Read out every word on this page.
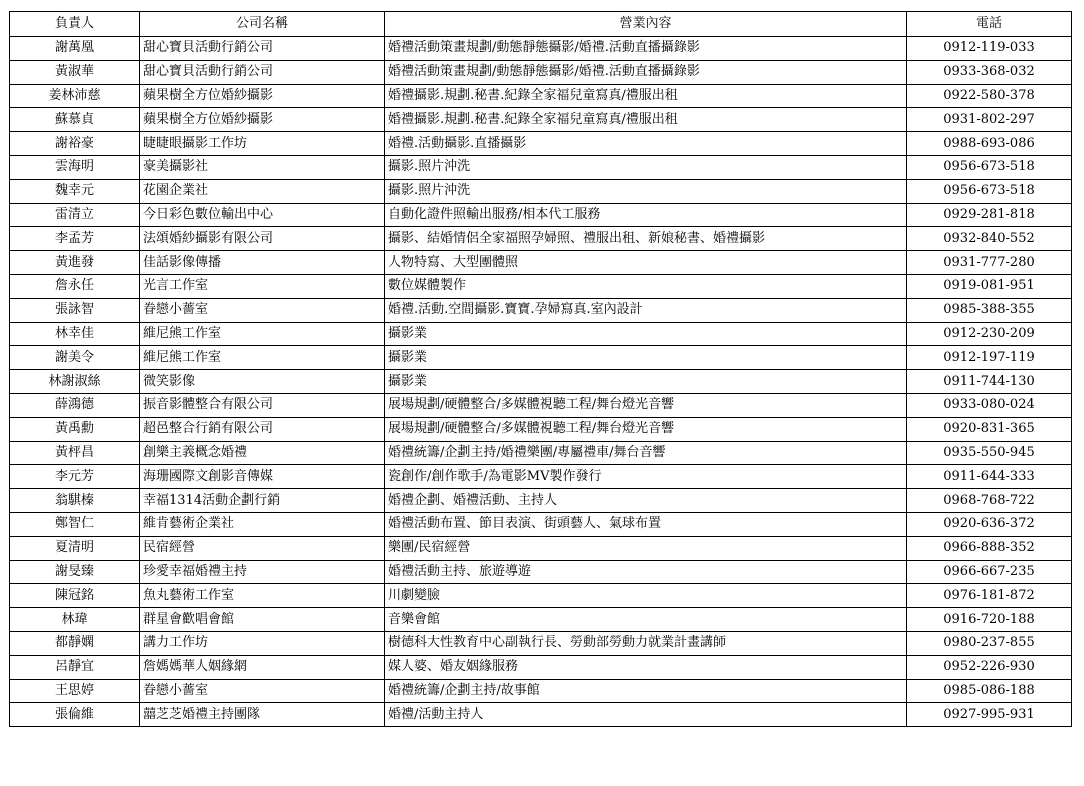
負責人	公司名稱	營業內容	電話
謝萬凰	甜心寶貝活動行銷公司	婚禮活動策畫規劃/動態靜態攝影/婚禮.活動直播攝錄影	0912-119-033
黃淑華	甜心寶貝活動行銷公司	婚禮活動策畫規劃/動態靜態攝影/婚禮.活動直播攝錄影	0933-368-032
姜林沛慈	蘋果樹全方位婚紗攝影	婚禮攝影.規劃.秘書.紀錄全家福兒童寫真/禮服出租	0922-580-378
蘇慕貞	蘋果樹全方位婚紗攝影	婚禮攝影.規劃.秘書.紀錄全家福兒童寫真/禮服出租	0931-802-297
謝裕豪	睫睫眼攝影工作坊	婚禮.活動攝影.直播攝影	0988-693-086
雲海明	豪美攝影社	攝影.照片沖洗	0956-673-518
魏幸元	花園企業社	攝影.照片沖洗	0956-673-518
雷清立	今日彩色數位輸出中心	自動化證件照輸出服務/相本代工服務	0929-281-818
李孟芳	法頌婚紗攝影有限公司	攝影、結婚情侶全家福照孕婦照、禮服出租、新娘秘書、婚禮攝影	0932-840-552
黃進發	佳話影像傳播	人物特寫、大型團體照	0931-777-280
詹永任	光言工作室	數位媒體製作	0919-081-951
張詠智	眷戀小薔室	婚禮.活動.空間攝影.寶寶.孕婦寫真.室內設計	0985-388-355
林幸佳	維尼熊工作室	攝影業	0912-230-209
謝美令	維尼熊工作室	攝影業	0912-197-119
林謝淑絲	微笑影像	攝影業	0911-744-130
薛鴻德	振音影體整合有限公司	展場規劃/硬體整合/多媒體視聽工程/舞台燈光音響	0933-080-024
黃禹勳	超邑整合行銷有限公司	展場規劃/硬體整合/多媒體視聽工程/舞台燈光音響	0920-831-365
黃枰昌	創樂主義概念婚禮	婚禮統籌/企劃主持/婚禮樂團/專屬禮車/舞台音響	0935-550-945
李元芳	海珊國際文創影音傳媒	瓷創作/創作歌手/為電影MV製作發行	0911-644-333
翁騏榛	幸福1314活動企劃行銷	婚禮企劃、婚禮活動、主持人	0968-768-722
鄭智仁	維肯藝術企業社	婚禮活動布置、節目表演、街頭藝人、氣球布置	0920-636-372
夏清明	民宿經營	樂團/民宿經營	0966-888-352
謝旻臻	珍愛幸福婚禮主持	婚禮活動主持、旅遊導遊	0966-667-235
陳冠銘	魚丸藝術工作室	川劇變臉	0976-181-872
林瑋	群星會歡唱會館	音樂會館	0916-720-188
都靜嫻	講力工作坊	樹德科大性教育中心副執行長、勞動部勞動力就業計畫講師	0980-237-855
呂靜宜	詹媽媽華人姻緣網	媒人婆、婚友姻緣服務	0952-226-930
王思婷	眷戀小薔室	婚禮統籌/企劃主持/故事館	0985-086-188
張倫維	囍芝芝婚禮主持團隊	婚禮/活動主持人	0927-995-931
